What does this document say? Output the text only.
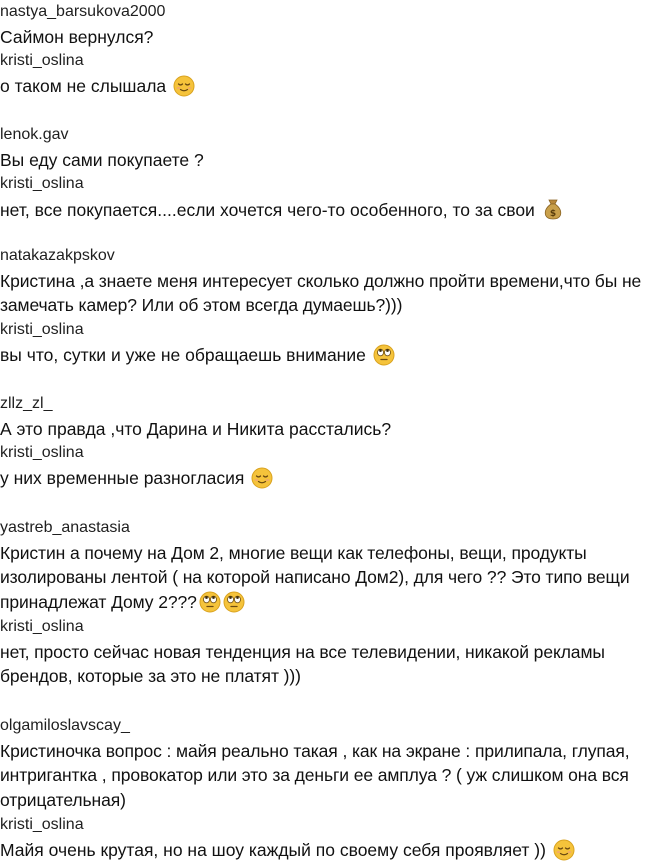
nastya_barsukova2000
Саймон вернулся?
kristi_oslina
о таком не слышала
lenok.gav
Вы еду сами покупаете ?
kristi_oslina
нет, все покупается....если хочется чего-то особенного, то за свои $
natakazakpskov
Кристина ,а знаете меня интересует сколько должно пройти времени,что бы не замечать камер? Или об этом всегда думаешь?)))
kristi_oslina
вы что, сутки и уже не обращаешь внимание
zllz_zl_
А это правда ,что Дарина и Никита расстались?
kristi_oslina
у них временные разногласия
yastreb_anastasia
Кристин а почему на Дом 2, многие вещи как телефоны, вещи, продукты изолированы лентой ( на которой написано Дом2), для чего ?? Это типо вещи принадлежат Дому 2???
kristi_oslina
нет, просто сейчас новая тенденция на все телевидении, никакой рекламы брендов, которые за это не платят )))
olgamiloslavscay_
Кристиночка вопрос : майя реально такая , как на экране : прилипала, глупая, интригантка , провокатор или это за деньги ее амплуа ? ( уж слишком она вся отрицательная)
kristi_oslina
Майя очень крутая, но на шоу каждый по своему себя проявляет ))
